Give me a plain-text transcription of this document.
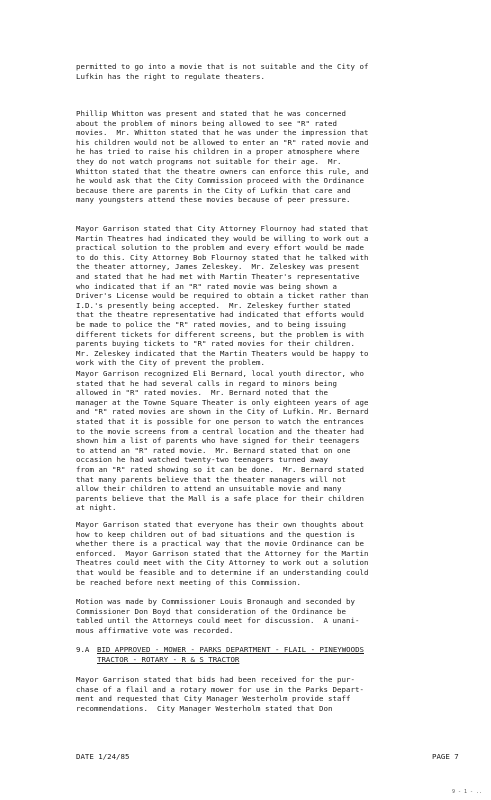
permitted to go into a movie that is not suitable and the City of
Lufkin has the right to regulate theaters.
Phillip Whitton was present and stated that he was concerned
about the problem of minors being allowed to see "R" rated
movies.  Mr. Whitton stated that he was under the impression that
his children would not be allowed to enter an "R" rated movie and
he has tried to raise his children in a proper atmosphere where
they do not watch programs not suitable for their age.  Mr.
Whitton stated that the theatre owners can enforce this rule, and
he would ask that the City Commission proceed with the Ordinance
because there are parents in the City of Lufkin that care and
many youngsters attend these movies because of peer pressure.
Mayor Garrison stated that City Attorney Flournoy had stated that
Martin Theatres had indicated they would be willing to work out a
practical solution to the problem and every effort would be made
to do this. City Attorney Bob Flournoy stated that he talked with
the theater attorney, James Zeleskey.  Mr. Zeleskey was present
and stated that he had met with Martin Theater's representative
who indicated that if an "R" rated movie was being shown a
Driver's License would be required to obtain a ticket rather than
I.D.'s presently being accepted.  Mr. Zeleskey further stated
that the theatre representative had indicated that efforts would
be made to police the "R" rated movies, and to being issuing
different tickets for different screens, but the problem is with
parents buying tickets to "R" rated movies for their children.
Mr. Zeleskey indicated that the Martin Theaters would be happy to
work with the City of prevent the problem.
Mayor Garrison recognized Eli Bernard, local youth director, who
stated that he had several calls in regard to minors being
allowed in "R" rated movies.  Mr. Bernard noted that the
manager at the Towne Square Theater is only eighteen years of age
and "R" rated movies are shown in the City of Lufkin. Mr. Bernard
stated that it is possible for one person to watch the entrances
to the movie screens from a central location and the theater had
shown him a list of parents who have signed for their teenagers
to attend an "R" rated movie.  Mr. Bernard stated that on one
occasion he had watched twenty-two teenagers turned away
from an "R" rated showing so it can be done.  Mr. Bernard stated
that many parents believe that the theater managers will not
allow their children to attend an unsuitable movie and many
parents believe that the Mall is a safe place for their children
at night.
Mayor Garrison stated that everyone has their own thoughts about
how to keep children out of bad situations and the question is
whether there is a practical way that the movie Ordinance can be
enforced.  Mayor Garrison stated that the Attorney for the Martin
Theatres could meet with the City Attorney to work out a solution
that would be feasible and to determine if an understanding could
be reached before next meeting of this Commission.
Motion was made by Commissioner Louis Bronaugh and seconded by
Commissioner Don Boyd that consideration of the Ordinance be
tabled until the Attorneys could meet for discussion.  A unani-
mous affirmative vote was recorded.
9.A BID APPROVED - MOWER - PARKS DEPARTMENT - FLAIL - PINEYWOODS
TRACTOR - ROTARY - R & S TRACTOR
Mayor Garrison stated that bids had been received for the pur-
chase of a flail and a rotary mower for use in the Parks Depart-
ment and requested that City Manager Westerholm provide staff
recommendations.  City Manager Westerholm stated that Don
DATE 1/24/85	PAGE 7
9 - 1 - ..
